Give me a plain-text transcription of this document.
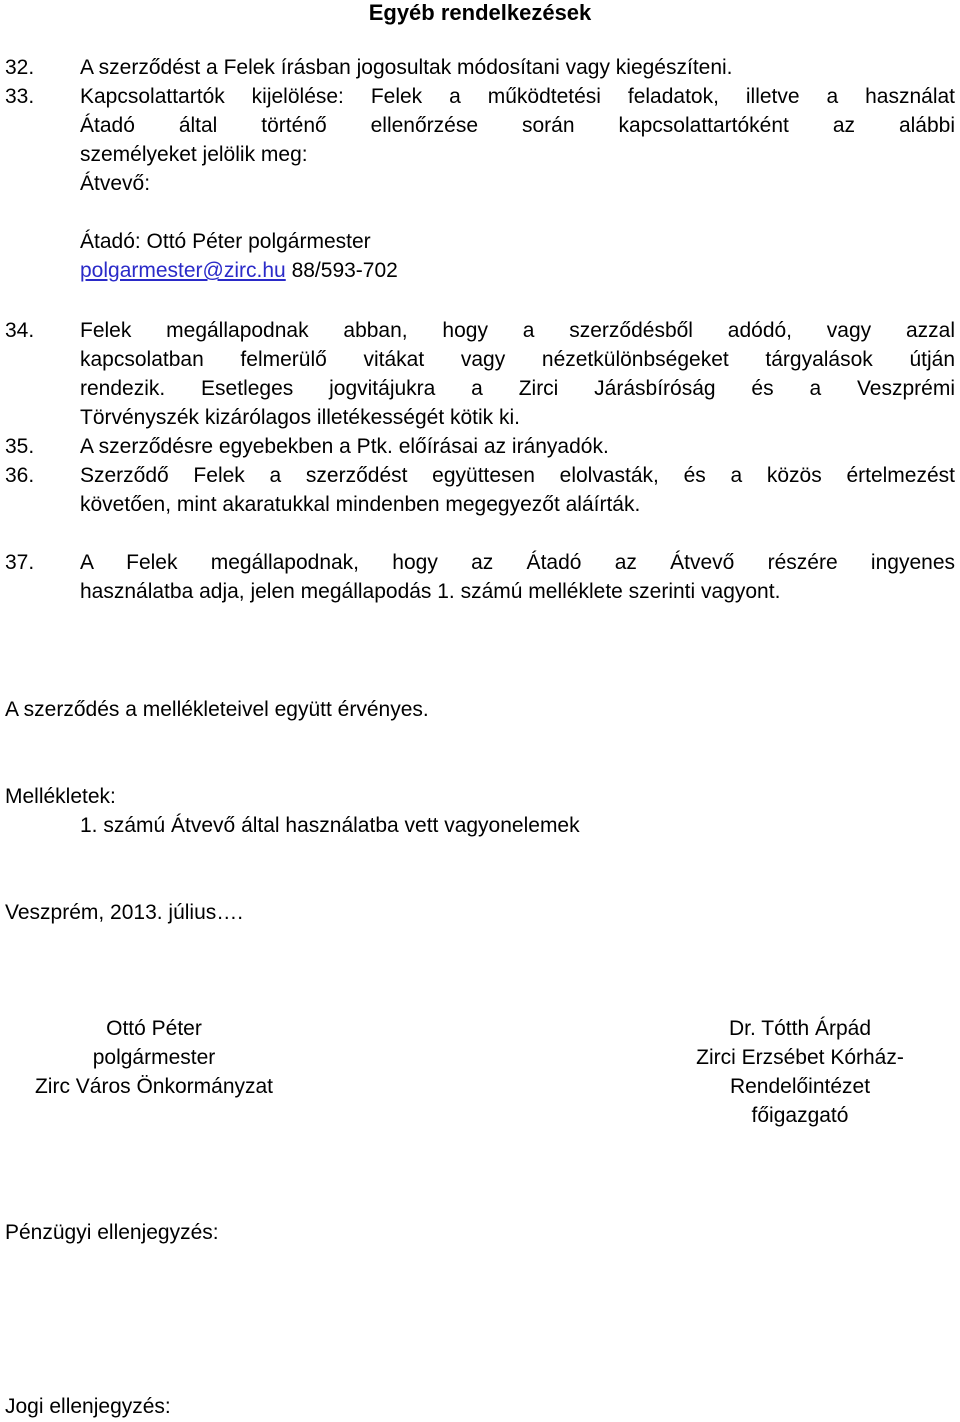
Egyéb rendelkezések
32. A szerződést a Felek írásban jogosultak módosítani vagy kiegészíteni.
33. Kapcsolattartók kijelölése: Felek a működtetési feladatok, illetve a használat
Átadó által történő ellenőrzése során kapcsolattartóként az alábbi
személyeket jelölik meg:
Átvevő:
Átadó: Ottó Péter polgármester
polgarmester@zirc.hu 88/593-702
34. Felek megállapodnak abban, hogy a szerződésből adódó, vagy azzal
kapcsolatban felmerülő vitákat vagy nézetkülönbségeket tárgyalások útján
rendezik. Esetleges jogvitájukra a Zirci Járásbíróság és a Veszprémi
Törvényszék kizárólagos illetékességét kötik ki.
35. A szerződésre egyebekben a Ptk. előírásai az irányadók.
36. Szerződő Felek a szerződést együttesen elolvasták, és a közös értelmezést
követően, mint akaratukkal mindenben megegyezőt aláírták.
37. A Felek megállapodnak, hogy az Átadó az Átvevő részére ingyenes
használatba adja, jelen megállapodás 1. számú melléklete szerinti vagyont.
A szerződés a mellékleteivel együtt érvényes.
Mellékletek:
1. számú Átvevő által használatba vett vagyonelemek
Veszprém, 2013. július….
Ottó Péter
polgármester
Zirc Város Önkormányzat
Dr. Tótth Árpád
Zirci Erzsébet Kórház-
Rendelőintézet
főigazgató
Pénzügyi ellenjegyzés:
Jogi ellenjegyzés:
